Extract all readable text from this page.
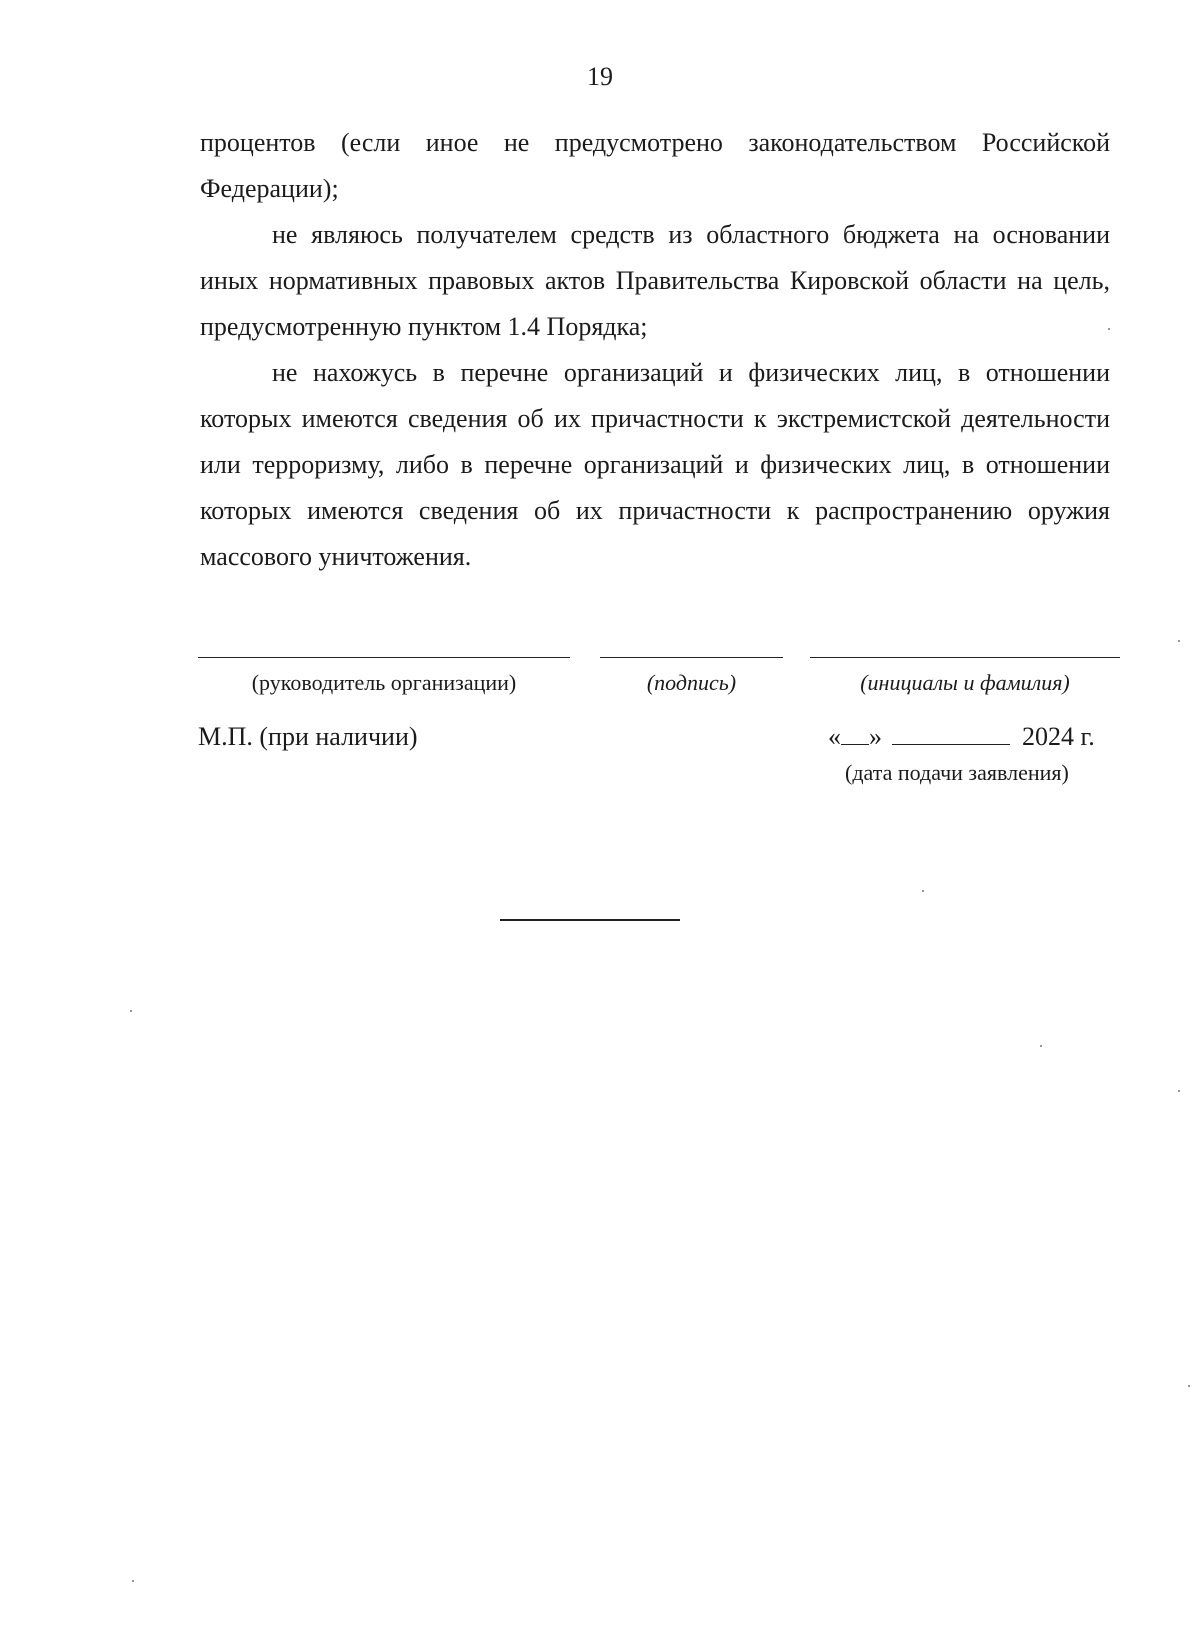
19

процентов (если иное не предусмотрено законодательством Российской Федерации);

не являюсь получателем средств из областного бюджета на основании иных нормативных правовых актов Правительства Кировской области на цель, предусмотренную пунктом 1.4 Порядка;

не нахожусь в перечне организаций и физических лиц, в отношении которых имеются сведения об их причастности к экстремистской деятельности или терроризму, либо в перечне организаций и физических лиц, в отношении которых имеются сведения об их причастности к распространению оружия массового уничтожения.

(руководитель организации)	(подпись)	(инициалы и фамилия)
М.П. (при наличии)	« »	2024 г.
(дата подачи заявления)
